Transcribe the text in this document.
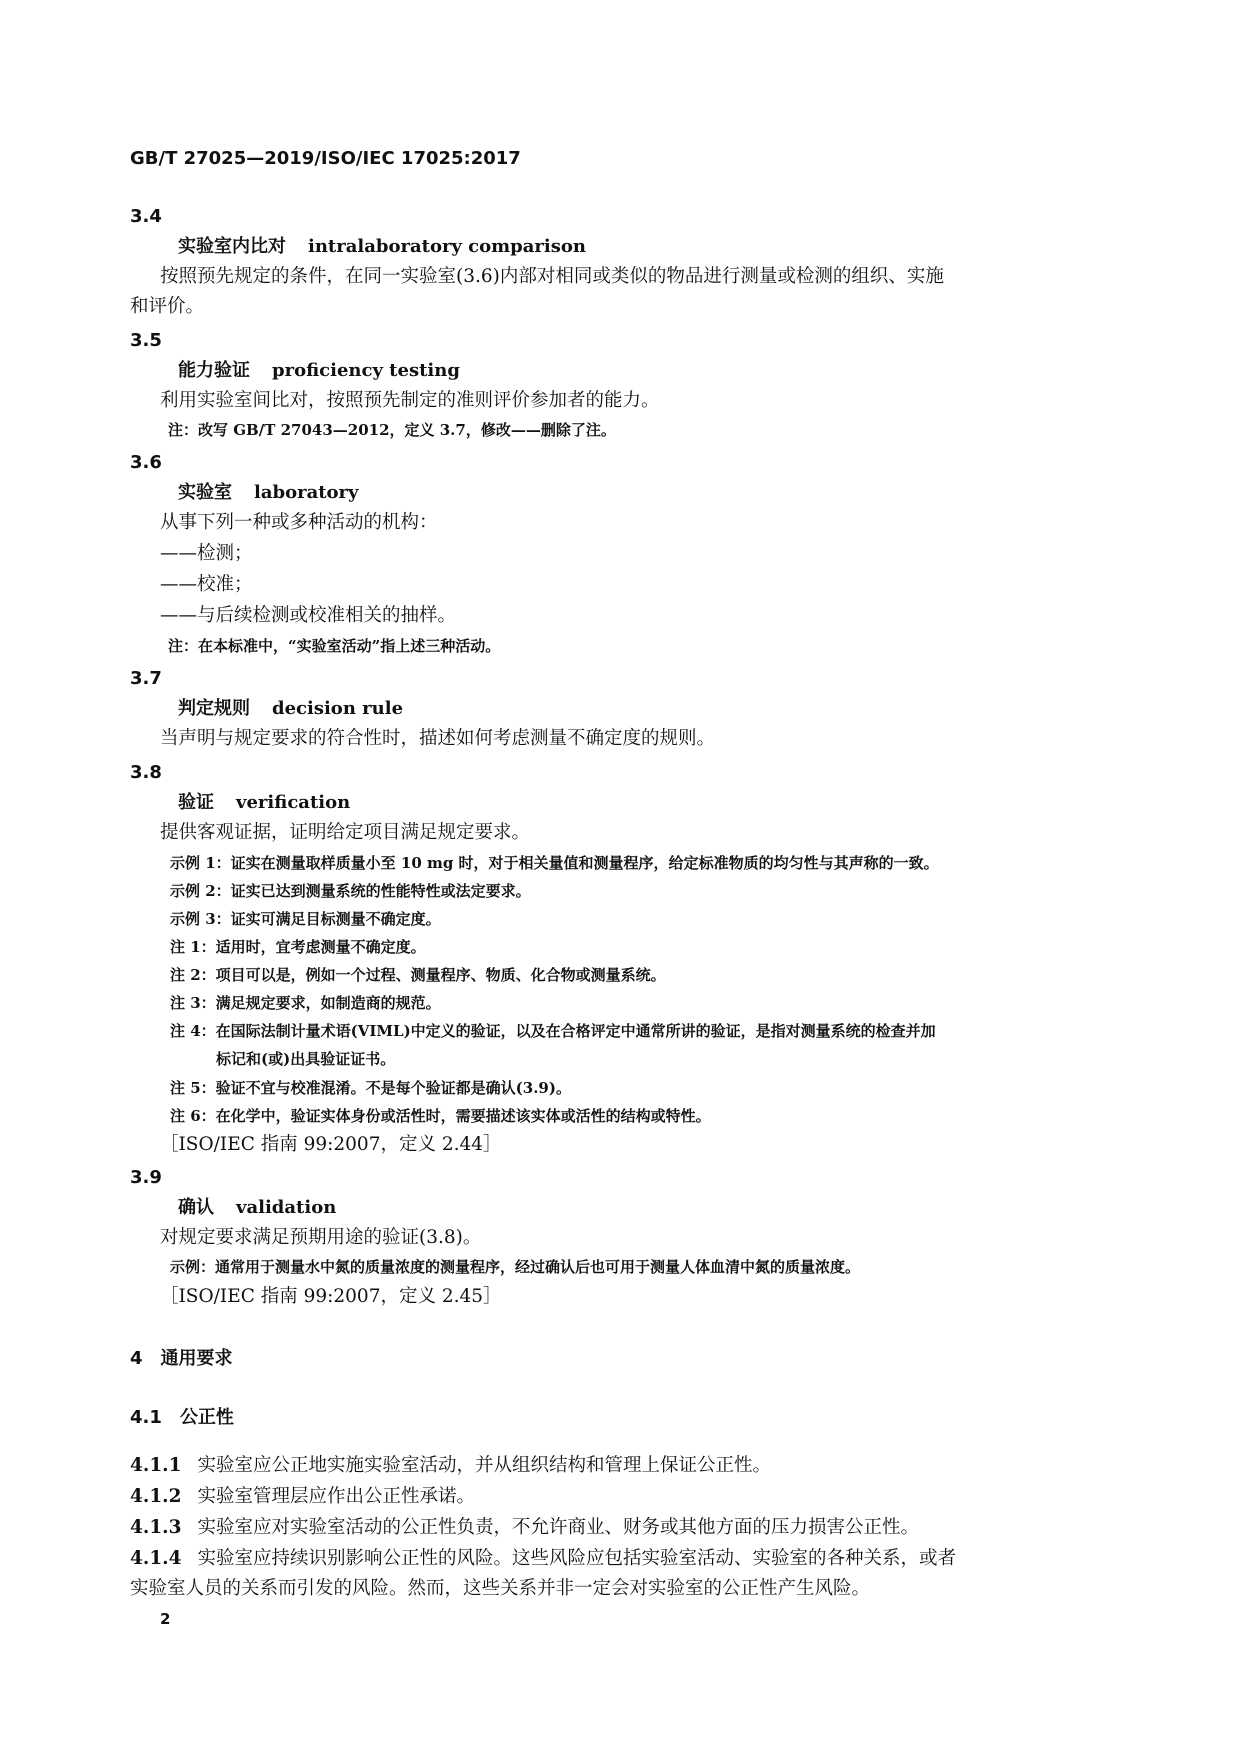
GB/T 27025—2019/ISO/IEC 17025:2017
3.4
实验室内比对 intralaboratory comparison
按照预先规定的条件，在同一实验室(3.6)内部对相同或类似的物品进行测量或检测的组织、实施
和评价。
3.5
能力验证 proficiency testing
利用实验室间比对，按照预先制定的准则评价参加者的能力。
注：改写 GB/T 27043—2012，定义 3.7，修改——删除了注。
3.6
实验室 laboratory
从事下列一种或多种活动的机构：
——检测；
——校准；
——与后续检测或校准相关的抽样。
注：在本标准中，“实验室活动”指上述三种活动。
3.7
判定规则 decision rule
当声明与规定要求的符合性时，描述如何考虑测量不确定度的规则。
3.8
验证 verification
提供客观证据，证明给定项目满足规定要求。
示例 1：证实在测量取样质量小至 10 mg 时，对于相关量值和测量程序，给定标准物质的均匀性与其声称的一致。
示例 2：证实已达到测量系统的性能特性或法定要求。
示例 3：证实可满足目标测量不确定度。
注 1：适用时，宜考虑测量不确定度。
注 2：项目可以是，例如一个过程、测量程序、物质、化合物或测量系统。
注 3：满足规定要求，如制造商的规范。
注 4：在国际法制计量术语(VIML)中定义的验证，以及在合格评定中通常所讲的验证，是指对测量系统的检查并加
标记和(或)出具验证证书。
注 5：验证不宜与校准混淆。不是每个验证都是确认(3.9)。
注 6：在化学中，验证实体身份或活性时，需要描述该实体或活性的结构或特性。
［ISO/IEC 指南 99:2007，定义 2.44］
3.9
确认 validation
对规定要求满足预期用途的验证(3.8)。
示例：通常用于测量水中氮的质量浓度的测量程序，经过确认后也可用于测量人体血清中氮的质量浓度。
［ISO/IEC 指南 99:2007，定义 2.45］
4 通用要求
4.1 公正性
4.1.1 实验室应公正地实施实验室活动，并从组织结构和管理上保证公正性。
4.1.2 实验室管理层应作出公正性承诺。
4.1.3 实验室应对实验室活动的公正性负责，不允许商业、财务或其他方面的压力损害公正性。
4.1.4 实验室应持续识别影响公正性的风险。这些风险应包括实验室活动、实验室的各种关系，或者
实验室人员的关系而引发的风险。然而，这些关系并非一定会对实验室的公正性产生风险。
2
